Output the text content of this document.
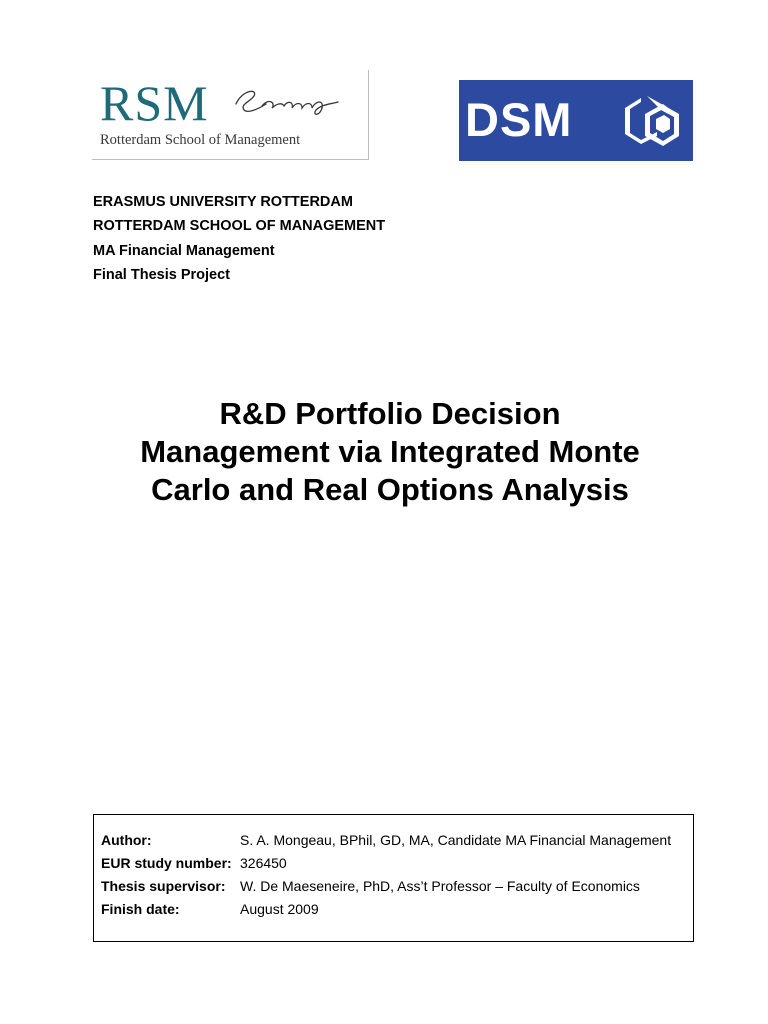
RSM
Rotterdam School of Management	DSM
ERASMUS UNIVERSITY ROTTERDAM
ROTTERDAM SCHOOL OF MANAGEMENT
MA Financial Management
Final Thesis Project
R&D Portfolio Decision
Management via Integrated Monte
Carlo and Real Options Analysis
Author:	S. A. Mongeau, BPhil, GD, MA, Candidate MA Financial Management
EUR study number: 326450
Thesis supervisor: W. De Maeseneire, PhD, Ass’t Professor – Faculty of Economics
Finish date:	August 2009
